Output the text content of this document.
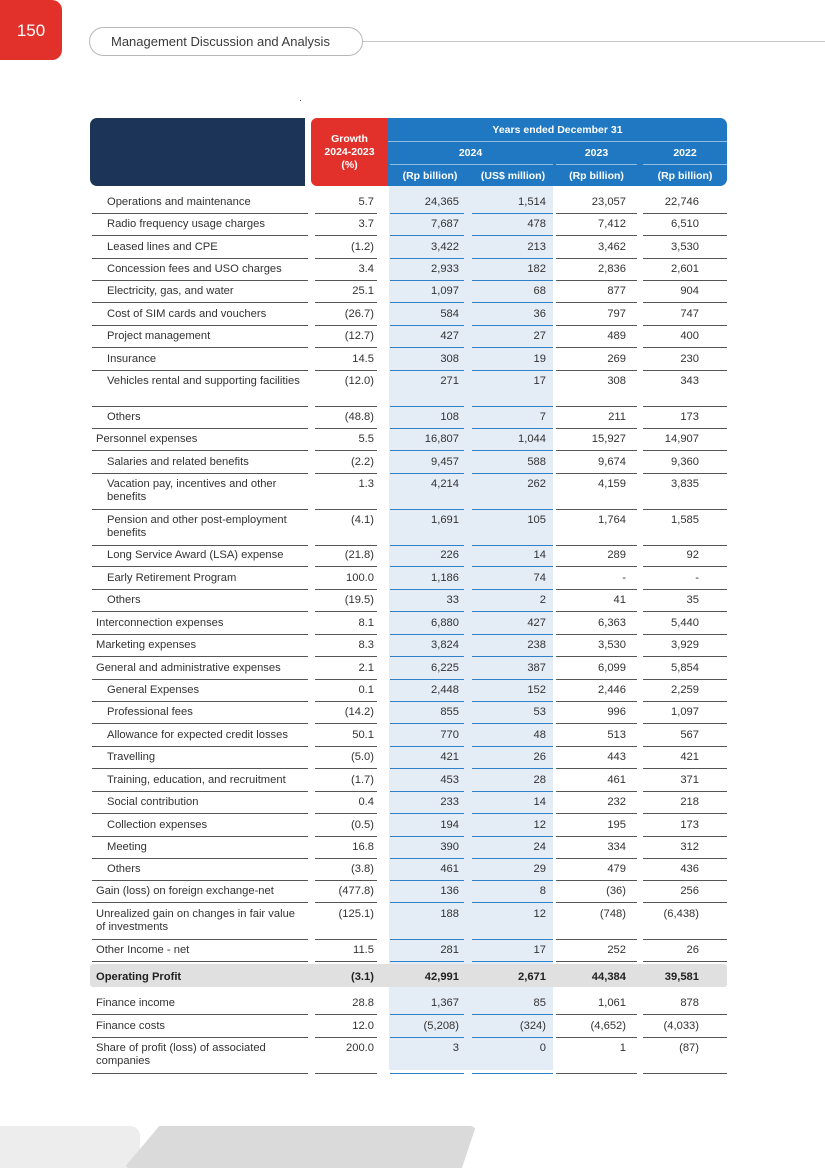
150
Management Discussion and Analysis
Growth
2024-2023
(%)
Years ended December 31
2024	2023	2022
(Rp billion)	(US$ million)	(Rp billion)	(Rp billion)
Operations and maintenance	5.7	24,365	1,514	23,057	22,746
Radio frequency usage charges	3.7	7,687	478	7,412	6,510
Leased lines and CPE	(1.2)	3,422	213	3,462	3,530
Concession fees and USO charges	3.4	2,933	182	2,836	2,601
Electricity, gas, and water	25.1	1,097	68	877	904
Cost of SIM cards and vouchers	(26.7)	584	36	797	747
Project management	(12.7)	427	27	489	400
Insurance	14.5	308	19	269	230
Vehicles rental and supporting facilities	(12.0)	271	17	308	343
Others	(48.8)	108	7	211	173
Personnel expenses	5.5	16,807	1,044	15,927	14,907
Salaries and related benefits	(2.2)	9,457	588	9,674	9,360
Vacation pay, incentives and other benefits
1.3	4,214	262	4,159	3,835
Pension and other post-employment benefits
(4.1)	1,691	105	1,764	1,585
Long Service Award (LSA) expense	(21.8)	226	14	289	92
Early Retirement Program	100.0	1,186	74	-	-
Others	(19.5)	33	2	41	35
Interconnection expenses	8.1	6,880	427	6,363	5,440
Marketing expenses	8.3	3,824	238	3,530	3,929
General and administrative expenses	2.1	6,225	387	6,099	5,854
General Expenses	0.1	2,448	152	2,446	2,259
Professional fees	(14.2)	855	53	996	1,097
Allowance for expected credit losses	50.1	770	48	513	567
Travelling	(5.0)	421	26	443	421
Training, education, and recruitment	(1.7)	453	28	461	371
Social contribution	0.4	233	14	232	218
Collection expenses	(0.5)	194	12	195	173
Meeting	16.8	390	24	334	312
Others	(3.8)	461	29	479	436
Gain (loss) on foreign exchange-net	(477.8)	136	8	(36)	256
Unrealized gain on changes in fair value of investments
(125.1)	188	12	(748)	(6,438)
Other Income - net	11.5	281	17	252	26
Operating Profit	(3.1)	42,991	2,671	44,384	39,581
Finance income	28.8	1,367	85	1,061	878
Finance costs	12.0	(5,208)	(324)	(4,652)	(4,033)
Share of profit (loss) of associated companies
200.0	3	0	1	(87)
